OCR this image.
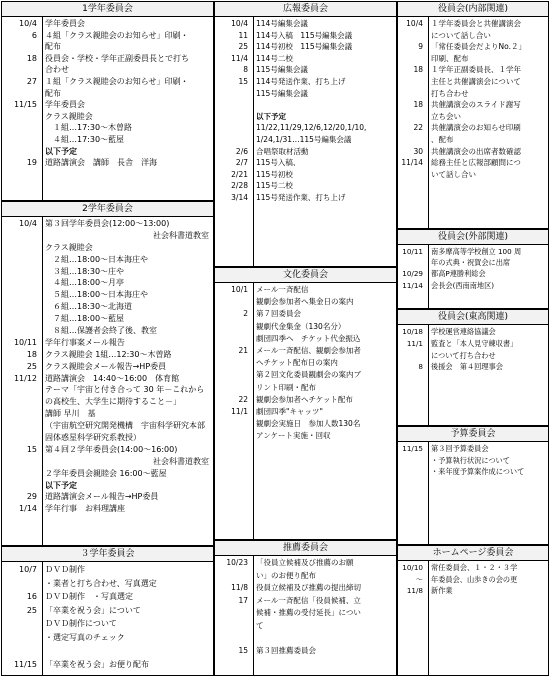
1学年委員会
10/4	学年委員会
6	４組「クラス親睦会のお知らせ」印刷・
配布
18	役員会・学校・学年正副委員長とで打ち
合わせ
27	１組「クラス親睦会のお知らせ」印刷・
配布
11/15	学年委員会
クラス親睦会
　１組…17:30～木曽路
　４組…17:30～藍屋
以下予定
19	道路講演会　講師　長舎　洋海
2学年委員会
10/4	第３回学年委員会(12:00～13:00)
社会科書道教室
クラス親睦会
　２組…18:00～日本海庄や
　３組…18:30～庄や
　４組…18:00～月亭
　５組…18:00～日本海庄や
　６組…18:30～北海道
　７組…18:00～藍屋
　８組…保護者会終了後、教室
10/11	学年行事案メール報告
18	クラス親睦会 1組…12:30～木曽路
25	クラス親睦会メール報告→HP委員
11/12	道路講演会　14:40～16:00　体育館
テーマ「宇宙と付き合って 30 年－これから
の高校生、大学生に期待すること－」
講師 早川　基
（宇宙航空研究開発機構　宇宙科学研究本部
固体惑星科学研究系教授）
15	第４回２学年委員会(14:00～16:00)
社会科書道教室
２学年委員会親睦会 16:00～藍屋
以下予定
29	道路講演会メール報告→HP委員
1/14	学年行事　お料理講座
３学年委員会
10/7	ＤＶＤ制作
・業者と打ち合わせ、写真選定
16	ＤＶＤ制作　・写真選定
25	「卒業を祝う会」について
ＤＶＤ制作について
・選定写真のチェック
11/15	「卒業を祝う会」お便り配布
広報委員会
10/4	114号編集会議
11	114号入稿　115号編集会議
25	114号初校　115号編集会議
11/4	114号二校
8	115号編集会議
15	114号発送作業、打ち上げ
115号編集会議
以下予定
11/22,11/29,12/6,12/20,1/10,
1/24,1/31…115号編集会議
2/6	合唱祭取材活動
2/7	115号入稿、
2/21	115号初校
2/28	115号二校
3/14	115号発送作業、打ち上げ
文化委員会
10/1	メール一斉配信
観劇会参加者へ集金日の案内
2	第７回委員会
観劇代金集金（130名分）
劇団四季へ　チケット代金振込
21	メール一斉配信、観劇会参加者
へチケット配布日の案内
第２回文化委員観劇会の案内ブ
リント印刷・配布
22	観劇会参加者へチケット配布
11/1	劇団四季"キャッツ"
観劇会実施日　参加人数130名
アンケート実施・回収
推薦委員会
10/23	「役員立候補及び推薦のお願
い」のお便り配布
11/8	役員立候補及び推薦の提出締切
17	メール一斉配信「役員候補、立
候補・推薦の受付延長」につい
て
15	第３回推薦委員会
役員会(内部関連)
10/4	１学年委員会と共催講演会
について話し合い
9	「常任委員会だよりNo.２」
印刷、配布
18	１学年正副委員長、１学年
主任と共催講演会について
打ち合わせ
18	共催講演会のスライド謝写
立ち会い
22	共催講演会のお知らせ印刷
、配布
30	共催講演会の出席者数確認
11/14	総務主任と広報部顧問につ
いて話し合い
役員会(外部関連)
10/11	南多摩高等学校創立 100 周
年の式典・祝賀会に出席
10/29	都高P連勝利総会
11/14	会長会(西南南地区)
役員会(東高関連)
10/18	学校運営連絡協議会
11/1	監査と「本人見守練収書」
について打ち合わせ
8	後援会　第４回理事会
予算委員会
11/15	第３回予算委員会
・予算執行状況について
・来年度予算案作成について
ホームページ委員会
10/10	常任委員会、１・２・３学
～	年委員会、山歩きの会の更
11/8	新作業
